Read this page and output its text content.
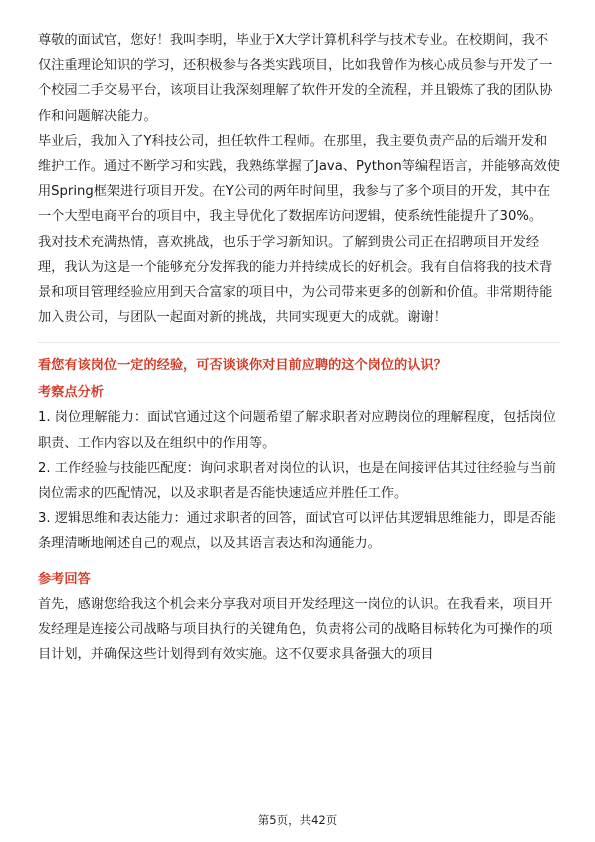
尊敬的面试官，您好！我叫李明，毕业于X大学计算机科学与技术专业。在校期间，我不仅注重理论知识的学习，还积极参与各类实践项目，比如我曾作为核心成员参与开发了一个校园二手交易平台，该项目让我深刻理解了软件开发的全流程，并且锻炼了我的团队协作和问题解决能力。

毕业后，我加入了Y科技公司，担任软件工程师。在那里，我主要负责产品的后端开发和维护工作。通过不断学习和实践，我熟练掌握了Java、Python等编程语言，并能够高效使用Spring框架进行项目开发。在Y公司的两年时间里，我参与了多个项目的开发，其中在一个大型电商平台的项目中，我主导优化了数据库访问逻辑，使系统性能提升了30%。

我对技术充满热情，喜欢挑战，也乐于学习新知识。了解到贵公司正在招聘项目开发经理，我认为这是一个能够充分发挥我的能力并持续成长的好机会。我有自信将我的技术背景和项目管理经验应用到天合富家的项目中，为公司带来更多的创新和价值。非常期待能加入贵公司，与团队一起面对新的挑战，共同实现更大的成就。谢谢！

看您有该岗位一定的经验，可否谈谈你对目前应聘的这个岗位的认识？

考察点分析

1. 岗位理解能力：面试官通过这个问题希望了解求职者对应聘岗位的理解程度，包括岗位职责、工作内容以及在组织中的作用等。

2. 工作经验与技能匹配度：询问求职者对岗位的认识，也是在间接评估其过往经验与当前岗位需求的匹配情况，以及求职者是否能快速适应并胜任工作。

3. 逻辑思维和表达能力：通过求职者的回答，面试官可以评估其逻辑思维能力，即是否能条理清晰地阐述自己的观点，以及其语言表达和沟通能力。

参考回答

首先，感谢您给我这个机会来分享我对项目开发经理这一岗位的认识。在我看来，项目开发经理是连接公司战略与项目执行的关键角色，负责将公司的战略目标转化为可操作的项目计划，并确保这些计划得到有效实施。这不仅要求具备强大的项目

第5页，共42页
